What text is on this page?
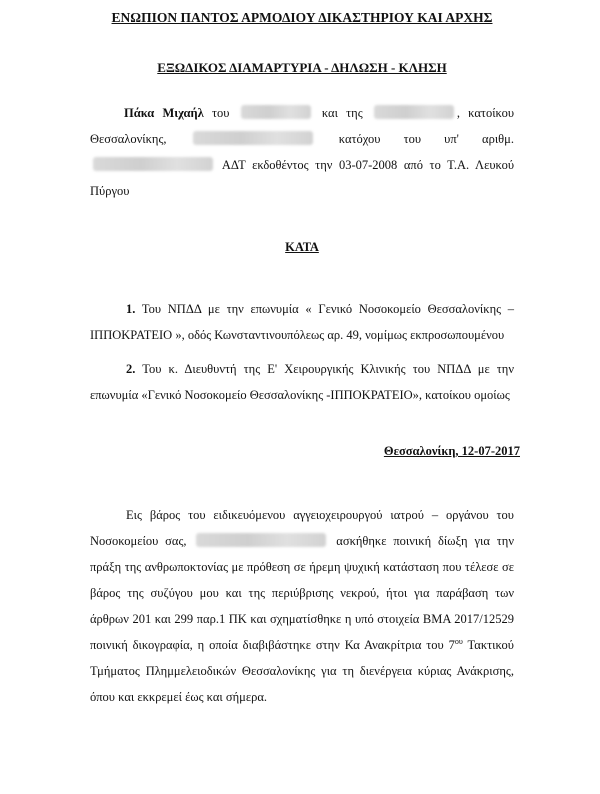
ΕΝΩΠΙΟΝ ΠΑΝΤΟΣ ΑΡΜΟΔΙΟΥ ΔΙΚΑΣΤΗΡΙΟΥ ΚΑΙ ΑΡΧΗΣ
ΕΞΩΔΙΚΟΣ ΔΙΑΜΑΡΤΥΡΙΑ - ΔΗΛΩΣΗ - ΚΛΗΣΗ

Πάκα Μιχαήλ του	και της	, κατοίκου Θεσσαλονίκης,	κατόχου του υπ' αριθμ.  ΑΔΤ εκδοθέντος την 03-07-2008 από το Τ.Α. Λευκού Πύργου

ΚΑΤΑ

1. Του ΝΠΔΔ με την επωνυμία « Γενικό Νοσοκομείο Θεσσαλονίκης –ΙΠΠΟΚΡΑΤΕΙΟ », οδός Κωνσταντινουπόλεως αρ. 49, νομίμως εκπροσωπουμένου

2. Του κ. Διευθυντή της Ε' Χειρουργικής Κλινικής του ΝΠΔΔ με την επωνυμία «Γενικό Νοσοκομείο Θεσσαλονίκης -ΙΠΠΟΚΡΑΤΕΙΟ», κατοίκου ομοίως

Θεσσαλονίκη, 12-07-2017

Εις βάρος του ειδικευόμενου αγγειοχειρουργού ιατρού – οργάνου του Νοσοκομείου σας,	ασκήθηκε ποινική δίωξη για την πράξη της ανθρωποκτονίας με πρόθεση σε ήρεμη ψυχική κατάσταση που τέλεσε σε βάρος της συζύγου μου και της περιύβρισης νεκρού, ήτοι για παράβαση των άρθρων 201 και 299 παρ.1 ΠΚ και σχηματίσθηκε η υπό στοιχεία ΒΜΑ 2017/12529 ποινική δικογραφία, η οποία διαβιβάστηκε στην Κα Ανακρίτρια του $7^{o\upsilon}$ Τακτικού Τμήματος Πλημμελειοδικών Θεσσαλονίκης για τη διενέργεια κύριας Ανάκρισης, όπου και εκκρεμεί έως και σήμερα.
